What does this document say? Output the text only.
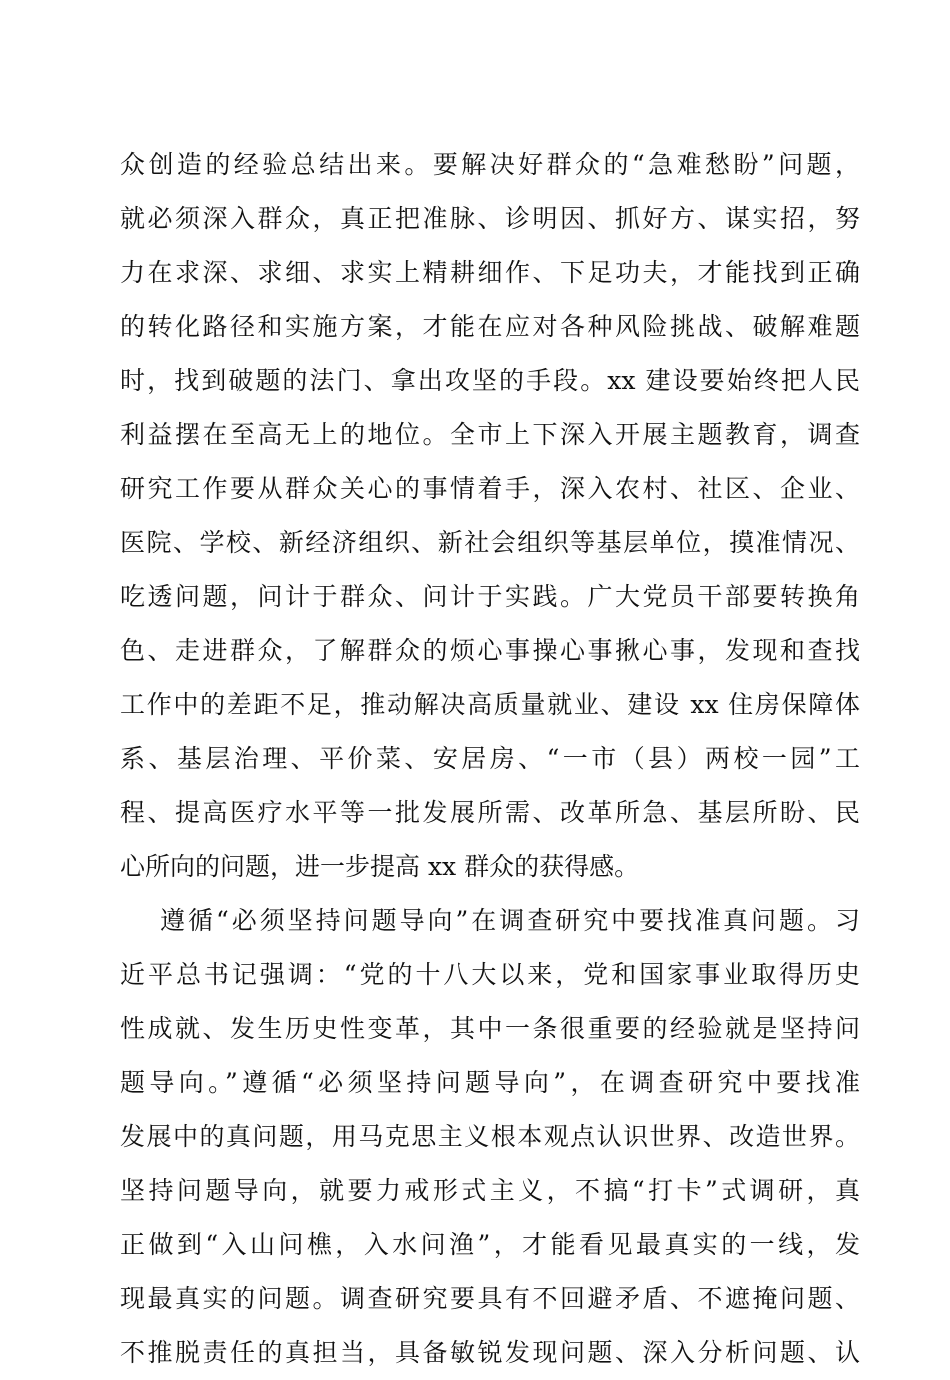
众创造的经验总结出来。要解决好群众的“急难愁盼”问题，
就必须深入群众，真正把准脉、诊明因、抓好方、谋实招，努
力在求深、求细、求实上精耕细作、下足功夫，才能找到正确
的转化路径和实施方案，才能在应对各种风险挑战、破解难题
时，找到破题的法门、拿出攻坚的手段。xx 建设要始终把人民
利益摆在至高无上的地位。全市上下深入开展主题教育，调查
研究工作要从群众关心的事情着手，深入农村、社区、企业、
医院、学校、新经济组织、新社会组织等基层单位，摸准情况、
吃透问题，问计于群众、问计于实践。广大党员干部要转换角
色、走进群众，了解群众的烦心事操心事揪心事，发现和查找
工作中的差距不足，推动解决高质量就业、建设 xx 住房保障体
系、基层治理、平价菜、安居房、“一市（县）两校一园”工
程、提高医疗水平等一批发展所需、改革所急、基层所盼、民
心所向的问题，进一步提高 xx 群众的获得感。
遵循“必须坚持问题导向”在调查研究中要找准真问题。习
近平总书记强调：“党的十八大以来，党和国家事业取得历史
性成就、发生历史性变革，其中一条很重要的经验就是坚持问
题导向。”遵循“必须坚持问题导向”，在调查研究中要找准
发展中的真问题，用马克思主义根本观点认识世界、改造世界。
坚持问题导向，就要力戒形式主义，不搞“打卡”式调研，真
正做到“入山问樵，入水问渔”，才能看见最真实的一线，发
现最真实的问题。调查研究要具有不回避矛盾、不遮掩问题、
不推脱责任的真担当，具备敏锐发现问题、深入分析问题、认
